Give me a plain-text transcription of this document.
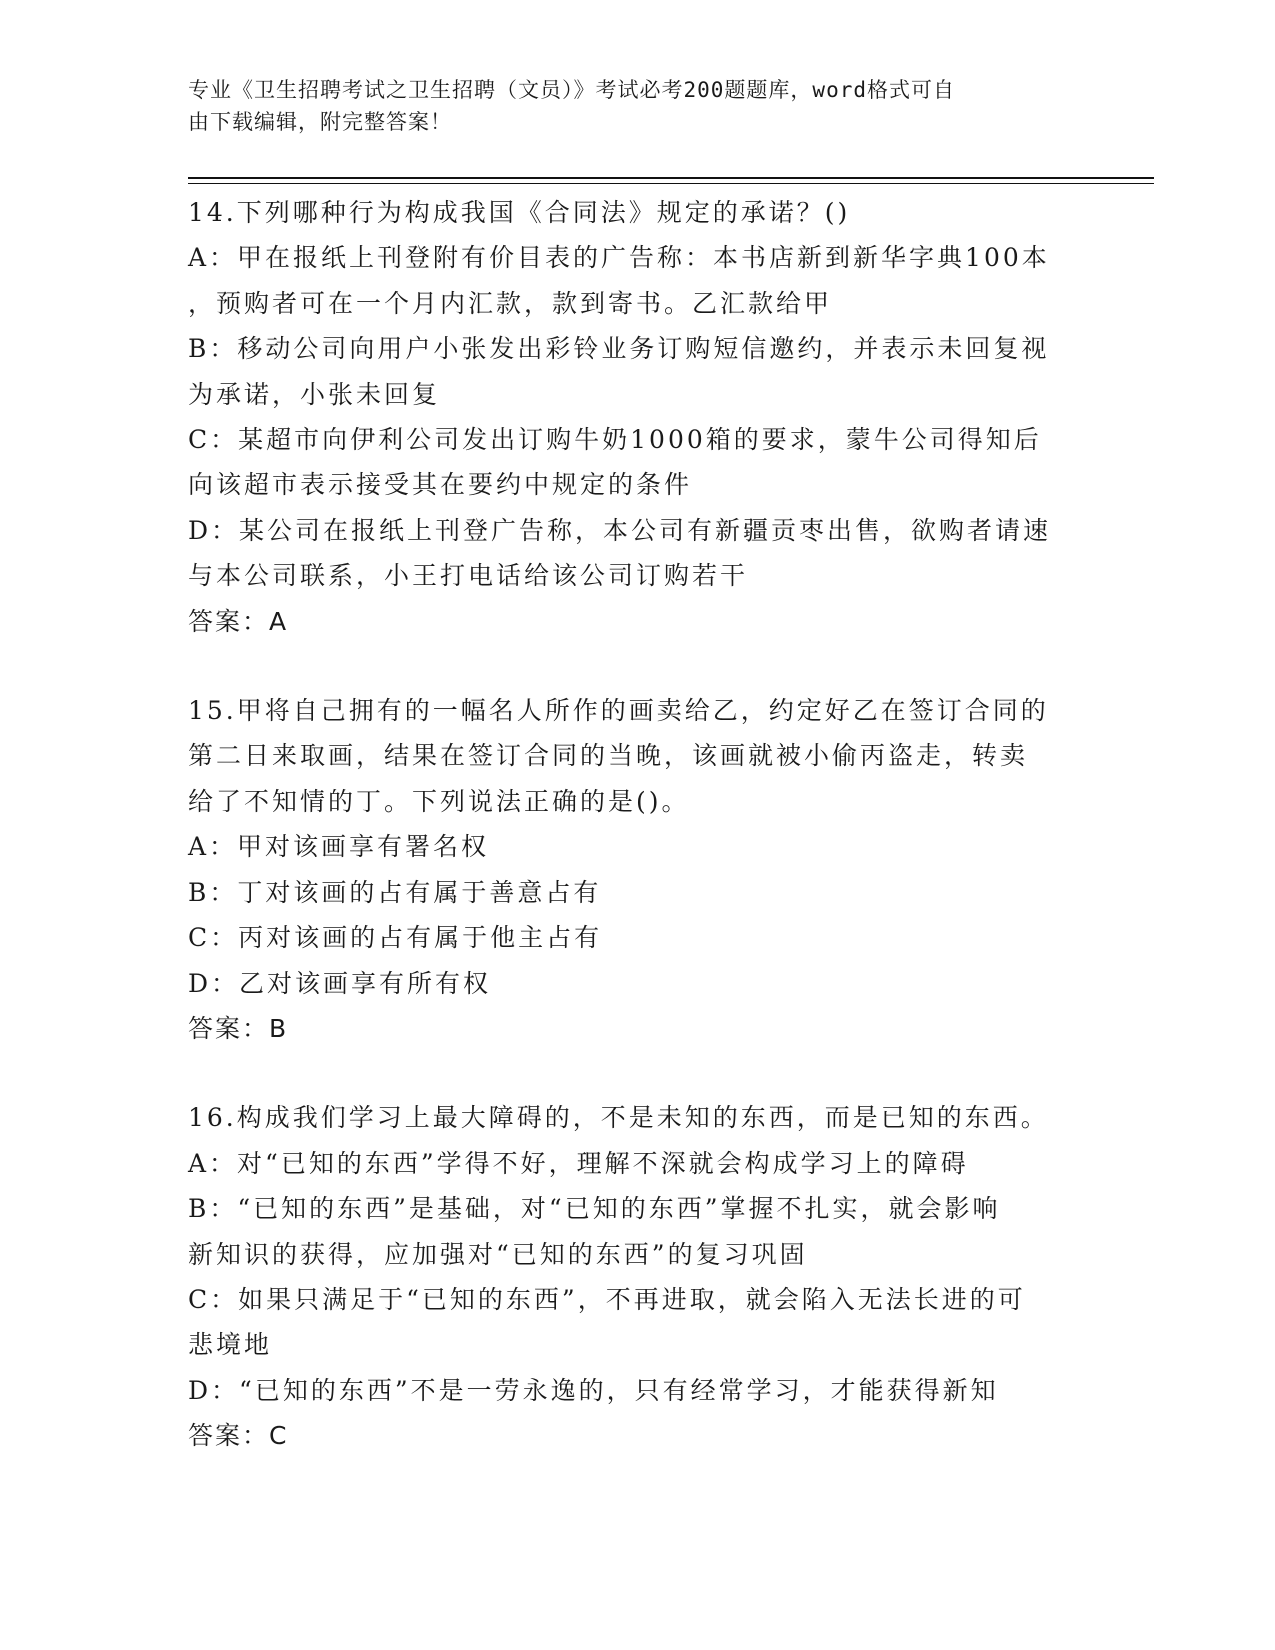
专业《卫生招聘考试之卫生招聘（文员）》考试必考200题题库，word格式可自
由下载编辑，附完整答案！
14.下列哪种行为构成我国《合同法》规定的承诺？()
A：甲在报纸上刊登附有价目表的广告称：本书店新到新华字典100本
，预购者可在一个月内汇款，款到寄书。乙汇款给甲
B：移动公司向用户小张发出彩铃业务订购短信邀约，并表示未回复视
为承诺，小张未回复
C：某超市向伊利公司发出订购牛奶1000箱的要求，蒙牛公司得知后
向该超市表示接受其在要约中规定的条件
D：某公司在报纸上刊登广告称，本公司有新疆贡枣出售，欲购者请速
与本公司联系，小王打电话给该公司订购若干
答案：A
15.甲将自己拥有的一幅名人所作的画卖给乙，约定好乙在签订合同的
第二日来取画，结果在签订合同的当晚，该画就被小偷丙盗走，转卖
给了不知情的丁。下列说法正确的是()。
A：甲对该画享有署名权
B：丁对该画的占有属于善意占有
C：丙对该画的占有属于他主占有
D：乙对该画享有所有权
答案：B
16.构成我们学习上最大障碍的，不是未知的东西，而是已知的东西。
A：对“已知的东西”学得不好，理解不深就会构成学习上的障碍
B：“已知的东西”是基础，对“已知的东西”掌握不扎实，就会影响
新知识的获得，应加强对“已知的东西”的复习巩固
C：如果只满足于“已知的东西”，不再进取，就会陷入无法长进的可
悲境地
D：“已知的东西”不是一劳永逸的，只有经常学习，才能获得新知
答案：C
